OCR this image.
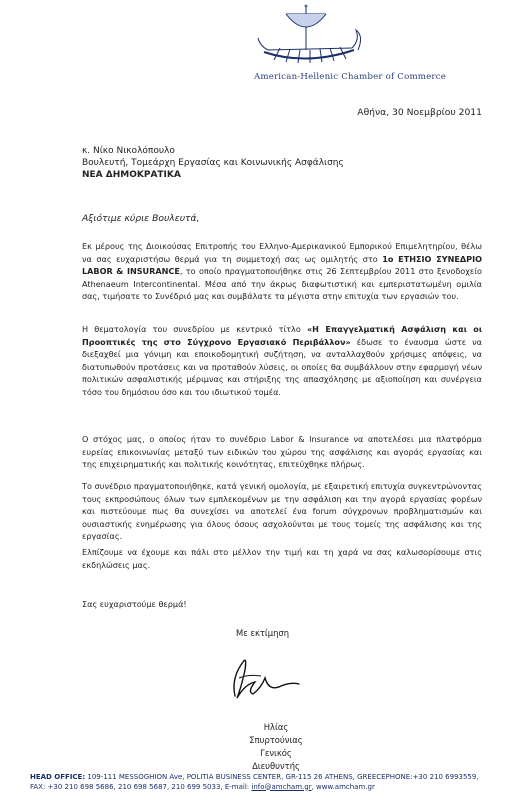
American-Hellenic Chamber of Commerce
Αθήνα, 30 Νοεμβρίου 2011
κ. Νίκο Νικολόπουλο
Βουλευτή, Τομεάρχη Εργασίας και Κοινωνικής Ασφάλισης
ΝΕΑ ΔΗΜΟΚΡΑΤΙΚΑ
Αξιότιμε κύριε Βουλευτά,

Εκ μέρους της Διοικούσας Επιτροπής του Ελληνο-Αμερικανικού Εμπορικού Επιμελητηρίου, θέλω να σας ευχαριστήσω θερμά για τη συμμετοχή σας ως ομιλητής στο 1ο ΕΤΗΣΙΟ ΣΥΝΕΔΡΙΟ LABOR & INSURANCE, το οποίο πραγματοποιήθηκε στις 26 Σεπτεμβρίου 2011 στο ξενοδοχείο Athenaeum Intercontinental. Μέσα από την άκρως διαφωτιστική και εμπεριστατωμένη ομιλία σας, τιμήσατε το Συνέδριό μας και συμβάλατε τα μέγιστα στην επιτυχία των εργασιών του.

Η θεματολογία του συνεδρίου με κεντρικό τίτλο «Η Επαγγελματική Ασφάλιση και οι Προοπτικές της στο Σύγχρονο Εργασιακό Περιβάλλον» έδωσε το έναυσμα ώστε να διεξαχθεί μια γόνιμη και εποικοδομητική συζήτηση, να ανταλλαχθούν χρήσιμες απόψεις, να διατυπωθούν προτάσεις και να προταθούν λύσεις, οι οποίες θα συμβάλλουν στην εφαρμογή νέων πολιτικών ασφαλιστικής μέριμνας και στήριξης της απασχόλησης με αξιοποίηση και συνέργεια τόσο του δημόσιου όσο και του ιδιωτικού τομέα.

Ο στόχος μας, ο οποίος ήταν το συνέδριο Labor & Insurance να αποτελέσει μια πλατφόρμα ευρείας επικοινωνίας μεταξύ των ειδικών του χώρου της ασφάλισης και αγοράς εργασίας και της επιχειρηματικής και πολιτικής κοινότητας, επιτεύχθηκε πλήρως.

Το συνέδριο πραγματοποιήθηκε, κατά γενική ομολογία, με εξαιρετική επιτυχία συγκεντρώνοντας τους εκπροσώπους όλων των εμπλεκομένων με την ασφάλιση και την αγορά εργασίας φορέων και πιστεύουμε πως θα συνεχίσει να αποτελεί ένα forum σύγχρονων προβληματισμών και ουσιαστικής ενημέρωσης για όλους όσους ασχολούνται με τους τομείς της ασφάλισης και της εργασίας.

Ελπίζουμε να έχουμε και πάλι στο μέλλον την τιμή και τη χαρά να σας καλωσορίσουμε στις εκδηλώσεις μας.

Σας ευχαριστούμε θερμά!

Με εκτίμηση
Ηλίας Σπυρτούνιας
Γενικός Διευθυντής
HEAD OFFICE: 109-111 MESSOGHION Ave, POLITIA BUSINESS CENTER, GR-115 26 ATHENS, GREECEPHONE:+30 210 6993559, FAX: +30 210 698 5686, 210 698 5687, 210 699 5033, E-mail: info@amcham.gr, www.amcham.gr
